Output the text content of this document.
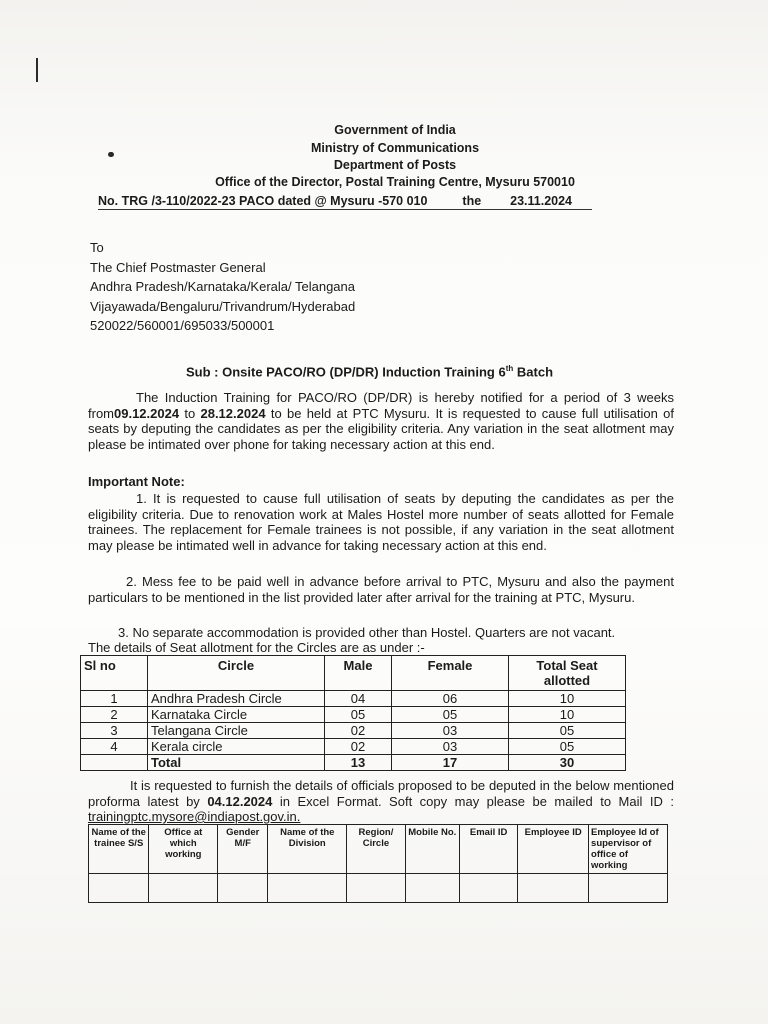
Government of India
Ministry of Communications
Department of Posts
Office of the Director, Postal Training Centre, Mysuru 570010
No. TRG /3-110/2022-23 PACO dated @ Mysuru -570 010	the 23.11.2024
To
The Chief Postmaster General
Andhra Pradesh/Karnataka/Kerala/ Telangana
Vijayawada/Bengaluru/Trivandrum/Hyderabad
520022/560001/695033/500001
Sub : Onsite PACO/RO (DP/DR) Induction Training 6th Batch
The Induction Training for PACO/RO (DP/DR) is hereby notified for a period of 3 weeks from09.12.2024 to 28.12.2024 to be held at PTC Mysuru. It is requested to cause full utilisation of seats by deputing the candidates as per the eligibility criteria. Any variation in the seat allotment may please be intimated over phone for taking necessary action at this end.
Important Note:
1. It is requested to cause full utilisation of seats by deputing the candidates as per the eligibility criteria. Due to renovation work at Males Hostel more number of seats allotted for Female trainees. The replacement for Female trainees is not possible, if any variation in the seat allotment may please be intimated well in advance for taking necessary action at this end.
2. Mess fee to be paid well in advance before arrival to PTC, Mysuru and also the payment particulars to be mentioned in the list provided later after arrival for the training at PTC, Mysuru.
3. No separate accommodation is provided other than Hostel. Quarters are not vacant.
The details of Seat allotment for the Circles are as under :-
Sl no	Circle	Male	Female	Total Seat allotted
1	Andhra Pradesh Circle	04	06	10
2	Karnataka Circle	05	05	10
3	Telangana Circle	02	03	05
4	Kerala circle	02	03	05
	Total	13	17	30
It is requested to furnish the details of officials proposed to be deputed in the below mentioned proforma latest by 04.12.2024 in Excel Format. Soft copy may please be mailed to Mail ID : trainingptc.mysore@indiapost.gov.in.
Name of the trainee S/S	Office at which working	Gender M/F	Name of the Division	Region/ Circle	Mobile No.	Email ID	Employee ID	Employee Id of supervisor of office of working
